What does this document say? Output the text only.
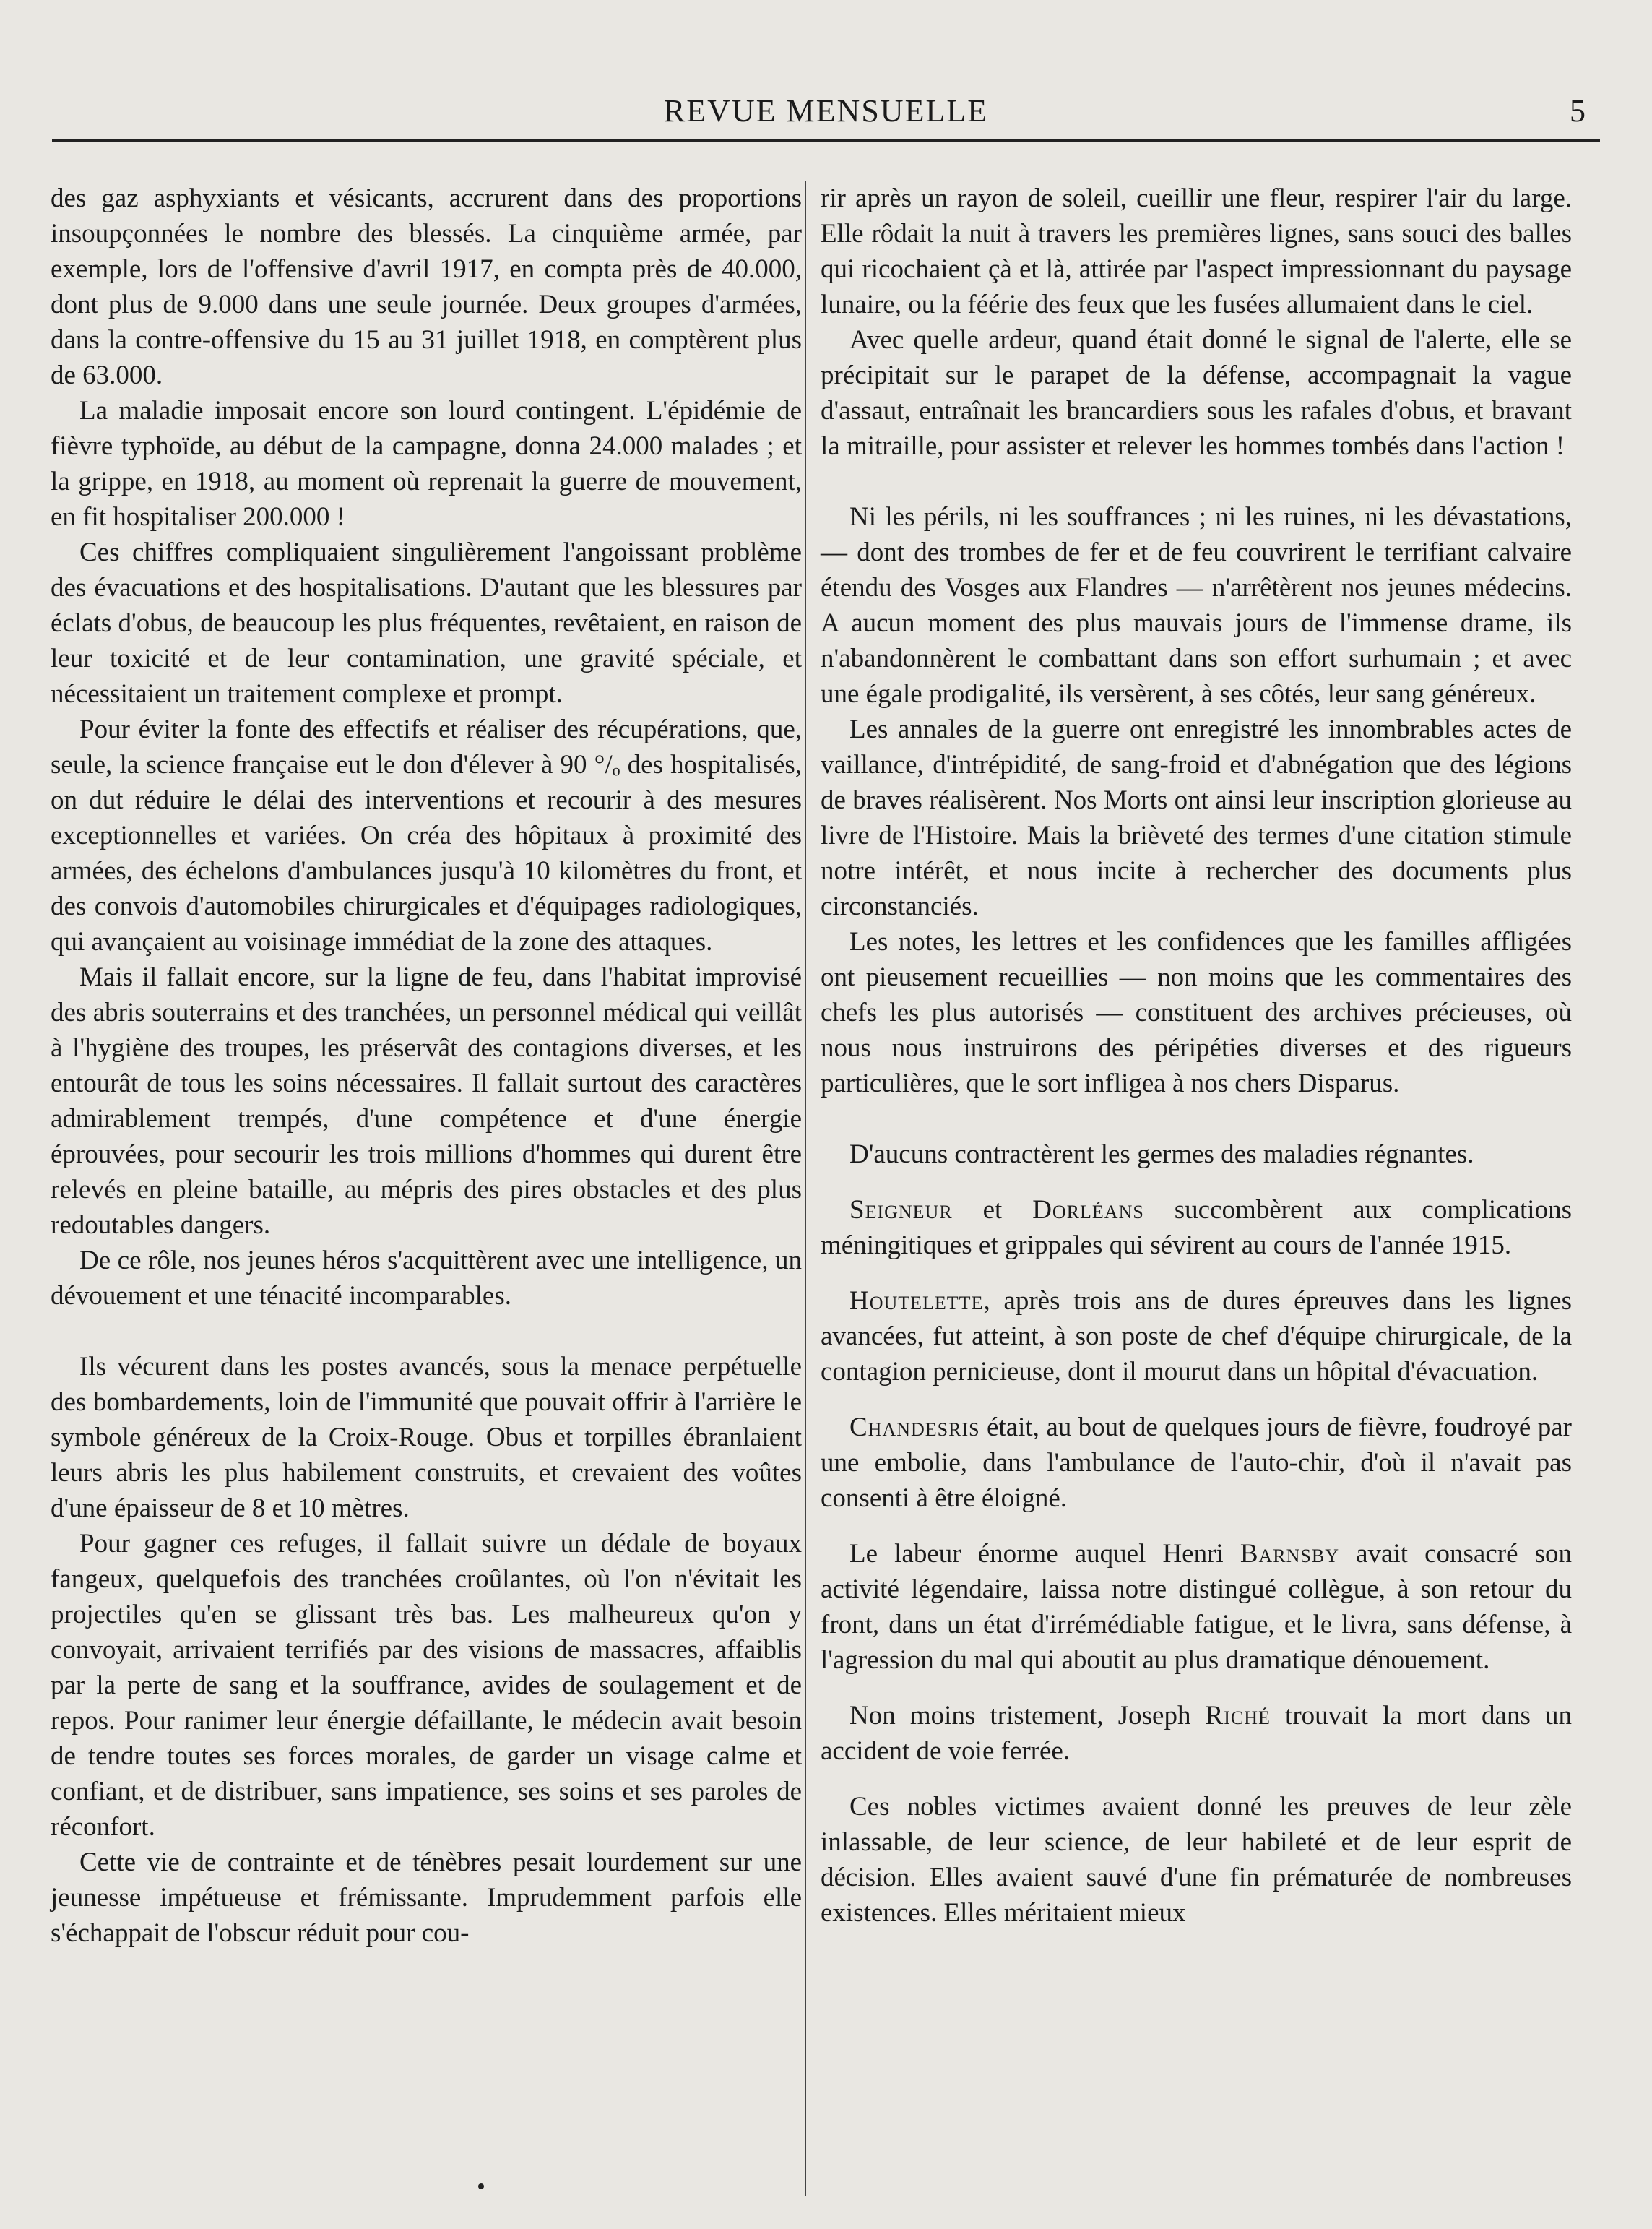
REVUE MENSUELLE	5

des gaz asphyxiants et vésicants, accrurent dans des proportions insoupçonnées le nombre des blessés. La cinquième armée, par exemple, lors de l'offensive d'avril 1917, en compta près de 40.000, dont plus de 9.000 dans une seule journée. Deux groupes d'armées, dans la contre-offensive du 15 au 31 juillet 1918, en comptèrent plus de 63.000.

La maladie imposait encore son lourd contingent. L'épidémie de fièvre typhoïde, au début de la campagne, donna 24.000 malades ; et la grippe, en 1918, au moment où reprenait la guerre de mouvement, en fit hospitaliser 200.000 !

Ces chiffres compliquaient singulièrement l'angoissant problème des évacuations et des hospitalisations. D'autant que les blessures par éclats d'obus, de beaucoup les plus fréquentes, revêtaient, en raison de leur toxicité et de leur contamination, une gravité spéciale, et nécessitaient un traitement complexe et prompt.

Pour éviter la fonte des effectifs et réaliser des récupérations, que, seule, la science française eut le don d'élever à 90 °/ₒ des hospitalisés, on dut réduire le délai des interventions et recourir à des mesures exceptionnelles et variées. On créa des hôpitaux à proximité des armées, des échelons d'ambulances jusqu'à 10 kilomètres du front, et des convois d'automobiles chirurgicales et d'équipages radiologiques, qui avançaient au voisinage immédiat de la zone des attaques.

Mais il fallait encore, sur la ligne de feu, dans l'habitat improvisé des abris souterrains et des tranchées, un personnel médical qui veillât à l'hygiène des troupes, les préservât des contagions diverses, et les entourât de tous les soins nécessaires. Il fallait surtout des caractères admirablement trempés, d'une compétence et d'une énergie éprouvées, pour secourir les trois millions d'hommes qui durent être relevés en pleine bataille, au mépris des pires obstacles et des plus redoutables dangers.

De ce rôle, nos jeunes héros s'acquittèrent avec une intelligence, un dévouement et une ténacité incomparables.

Ils vécurent dans les postes avancés, sous la menace perpétuelle des bombardements, loin de l'immunité que pouvait offrir à l'arrière le symbole généreux de la Croix-Rouge. Obus et torpilles ébranlaient leurs abris les plus habilement construits, et crevaient des voûtes d'une épaisseur de 8 et 10 mètres.

Pour gagner ces refuges, il fallait suivre un dédale de boyaux fangeux, quelquefois des tranchées croûlantes, où l'on n'évitait les projectiles qu'en se glissant très bas. Les malheureux qu'on y convoyait, arrivaient terrifiés par des visions de massacres, affaiblis par la perte de sang et la souffrance, avides de soulagement et de repos. Pour ranimer leur énergie défaillante, le médecin avait besoin de tendre toutes ses forces morales, de garder un visage calme et confiant, et de distribuer, sans impatience, ses soins et ses paroles de réconfort.

Cette vie de contrainte et de ténèbres pesait lourdement sur une jeunesse impétueuse et frémissante. Imprudemment parfois elle s'échappait de l'obscur réduit pour cou-

rir après un rayon de soleil, cueillir une fleur, respirer l'air du large. Elle rôdait la nuit à travers les premières lignes, sans souci des balles qui ricochaient çà et là, attirée par l'aspect impressionnant du paysage lunaire, ou la féérie des feux que les fusées allumaient dans le ciel.

Avec quelle ardeur, quand était donné le signal de l'alerte, elle se précipitait sur le parapet de la défense, accompagnait la vague d'assaut, entraînait les brancardiers sous les rafales d'obus, et bravant la mitraille, pour assister et relever les hommes tombés dans l'action !

Ni les périls, ni les souffrances ; ni les ruines, ni les dévastations, — dont des trombes de fer et de feu couvrirent le terrifiant calvaire étendu des Vosges aux Flandres — n'arrêtèrent nos jeunes médecins. A aucun moment des plus mauvais jours de l'immense drame, ils n'abandonnèrent le combattant dans son effort surhumain ; et avec une égale prodigalité, ils versèrent, à ses côtés, leur sang généreux.

Les annales de la guerre ont enregistré les innombrables actes de vaillance, d'intrépidité, de sang-froid et d'abnégation que des légions de braves réalisèrent. Nos Morts ont ainsi leur inscription glorieuse au livre de l'Histoire. Mais la brièveté des termes d'une citation stimule notre intérêt, et nous incite à rechercher des documents plus circonstanciés.

Les notes, les lettres et les confidences que les familles affligées ont pieusement recueillies — non moins que les commentaires des chefs les plus autorisés — constituent des archives précieuses, où nous nous instruirons des péripéties diverses et des rigueurs particulières, que le sort infligea à nos chers Disparus.

D'aucuns contractèrent les germes des maladies régnantes.

Seigneur et Dorléans succombèrent aux complications méningitiques et grippales qui sévirent au cours de l'année 1915.

Houtelette, après trois ans de dures épreuves dans les lignes avancées, fut atteint, à son poste de chef d'équipe chirurgicale, de la contagion pernicieuse, dont il mourut dans un hôpital d'évacuation.

Chandesris était, au bout de quelques jours de fièvre, foudroyé par une embolie, dans l'ambulance de l'auto-chir, d'où il n'avait pas consenti à être éloigné.

Le labeur énorme auquel Henri Barnsby avait consacré son activité légendaire, laissa notre distingué collègue, à son retour du front, dans un état d'irrémédiable fatigue, et le livra, sans défense, à l'agression du mal qui aboutit au plus dramatique dénouement.

Non moins tristement, Joseph Riché trouvait la mort dans un accident de voie ferrée.

Ces nobles victimes avaient donné les preuves de leur zèle inlassable, de leur science, de leur habileté et de leur esprit de décision. Elles avaient sauvé d'une fin prématurée de nombreuses existences. Elles méritaient mieux
